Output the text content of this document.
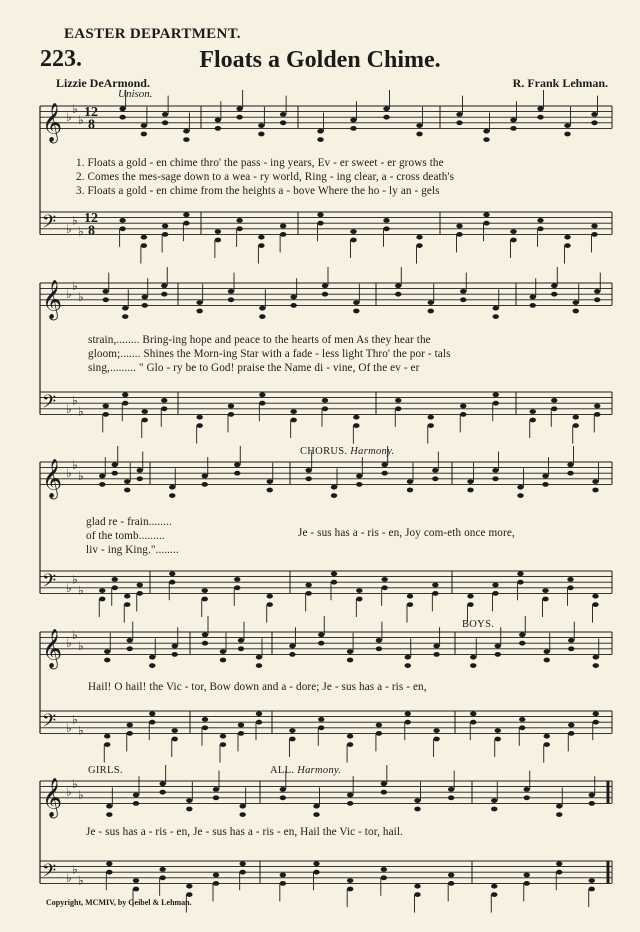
EASTER DEPARTMENT.
223.	Floats a Golden Chime.
Lizzie DeArmond.	R. Frank Lehman.
Unison.
𝄞 ♭
♭
♭ 12
8
𝄢 ♭
♭
♭
12
8
𝄞 ♭
♭
♭
𝄢 ♭
♭
♭
𝄞 ♭
♭
♭
𝄢 ♭
♭
♭
𝄞 ♭
♭
♭
𝄢 ♭
♭
♭
𝄞 ♭
♭
♭
𝄢 ♭
♭
♭
1. Floats a gold - en chime thro' the pass - ing years, Ev - er sweet - er grows the
2. Comes the mes-sage down to a wea - ry world, Ring - ing clear, a - cross death's
3. Floats a gold - en chime from the heights a - bove Where the ho - ly an - gels
strain,........ Bring-ing hope and peace to the hearts of men As they hear the
gloom;....... Shines the Morn-ing Star with a fade - less light Thro' the por - tals
sing,......... " Glo - ry be to God! praise the Name di - vine, Of the ev - er
CHORUS. Harmony.
glad re - frain........
of the tomb.........
liv - ing King."........
Je - sus has a - ris - en, Joy com-eth once more,
BOYS.
Hail! O hail! the Vic - tor, Bow down and a - dore; Je - sus has a - ris - en,
GIRLS.	ALL. Harmony.
Je - sus has a - ris - en, Je - sus has a - ris - en, Hail the Vic - tor, hail.
Copyright, MCMIV, by Geibel & Lehman.
